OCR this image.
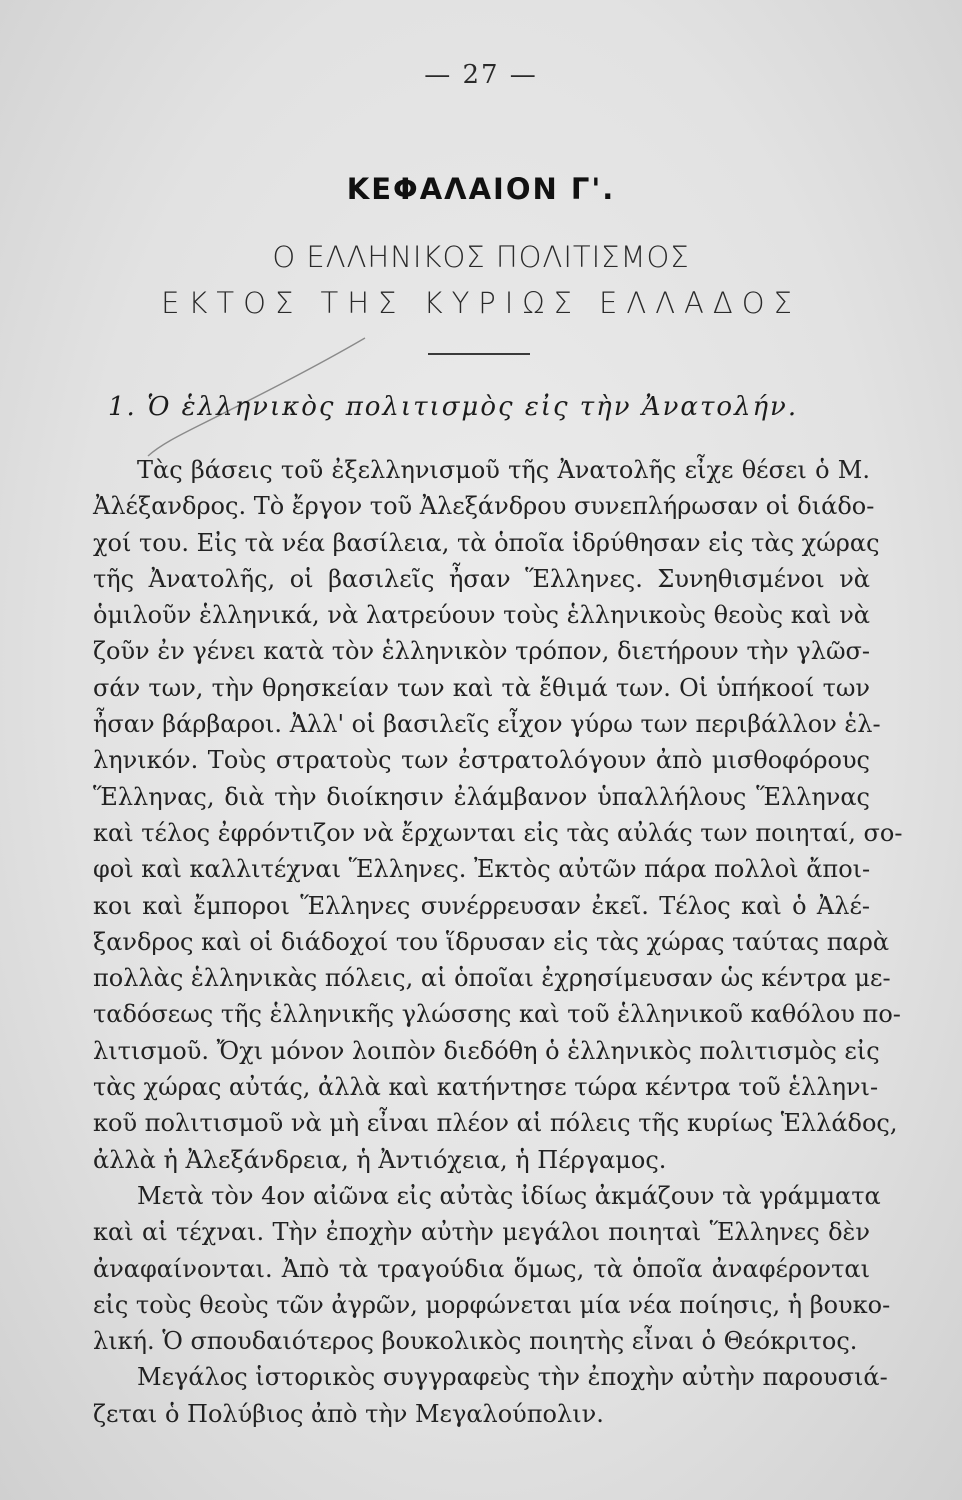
— 27 —
ΚΕΦΑΛΑΙΟΝ Γ'.
Ο ΕΛΛΗΝΙΚΟΣ ΠΟΛΙΤΙΣΜΟΣ
ΕΚΤΟΣ ΤΗΣ ΚΥΡΙΩΣ ΕΛΛΑΔΟΣ
1. Ὁ ἑλληνικὸς πολιτισμὸς εἰς τὴν Ἀνατολήν.
Τὰς βάσεις τοῦ ἐξελληνισμοῦ τῆς Ἀνατολῆς εἶχε θέσει ὁ Μ.
Ἀλέξανδρος. Τὸ ἔργον τοῦ Ἀλεξάνδρου συνεπλήρωσαν οἱ διάδο-
χοί του. Εἰς τὰ νέα βασίλεια, τὰ ὁποῖα ἱδρύθησαν εἰς τὰς χώρας
τῆς Ἀνατολῆς, οἱ βασιλεῖς ἦσαν Ἕλληνες. Συνηθισμένοι νὰ
ὁμιλοῦν ἑλληνικά, νὰ λατρεύουν τοὺς ἑλληνικοὺς θεοὺς καὶ νὰ
ζοῦν ἐν γένει κατὰ τὸν ἑλληνικὸν τρόπον, διετήρουν τὴν γλῶσ-
σάν των, τὴν θρησκείαν των καὶ τὰ ἔθιμά των. Οἱ ὑπήκοοί των
ἦσαν βάρβαροι. Ἀλλ' οἱ βασιλεῖς εἶχον γύρω των περιβάλλον ἑλ-
ληνικόν. Τοὺς στρατοὺς των ἐστρατολόγουν ἀπὸ μισθοφόρους
Ἕλληνας, διὰ τὴν διοίκησιν ἐλάμβανον ὑπαλλήλους Ἕλληνας
καὶ τέλος ἐφρόντιζον νὰ ἔρχωνται εἰς τὰς αὐλάς των ποιηταί, σο-
φοὶ καὶ καλλιτέχναι Ἕλληνες. Ἐκτὸς αὐτῶν πάρα πολλοὶ ἄποι-
κοι καὶ ἔμποροι Ἕλληνες συνέρρευσαν ἐκεῖ. Τέλος καὶ ὁ Ἀλέ-
ξανδρος καὶ οἱ διάδοχοί του ἵδρυσαν εἰς τὰς χώρας ταύτας παρὰ
πολλὰς ἑλληνικὰς πόλεις, αἱ ὁποῖαι ἐχρησίμευσαν ὡς κέντρα με-
ταδόσεως τῆς ἑλληνικῆς γλώσσης καὶ τοῦ ἑλληνικοῦ καθόλου πο-
λιτισμοῦ. Ὄχι μόνον λοιπὸν διεδόθη ὁ ἑλληνικὸς πολιτισμὸς εἰς
τὰς χώρας αὐτάς, ἀλλὰ καὶ κατήντησε τώρα κέντρα τοῦ ἑλληνι-
κοῦ πολιτισμοῦ νὰ μὴ εἶναι πλέον αἱ πόλεις τῆς κυρίως Ἑλλάδος,
ἀλλὰ ἡ Ἀλεξάνδρεια, ἡ Ἀντιόχεια, ἡ Πέργαμος.
Μετὰ τὸν 4ον αἰῶνα εἰς αὐτὰς ἰδίως ἀκμάζουν τὰ γράμματα
καὶ αἱ τέχναι. Τὴν ἐποχὴν αὐτὴν μεγάλοι ποιηταὶ Ἕλληνες δὲν
ἀναφαίνονται. Ἀπὸ τὰ τραγούδια ὅμως, τὰ ὁποῖα ἀναφέρονται
εἰς τοὺς θεοὺς τῶν ἀγρῶν, μορφώνεται μία νέα ποίησις, ἡ βουκο-
λική. Ὁ σπουδαιότερος βουκολικὸς ποιητὴς εἶναι ὁ Θεόκριτος.
Μεγάλος ἱστορικὸς συγγραφεὺς τὴν ἐποχὴν αὐτὴν παρουσιά-
ζεται ὁ Πολύβιος ἀπὸ τὴν Μεγαλούπολιν.
